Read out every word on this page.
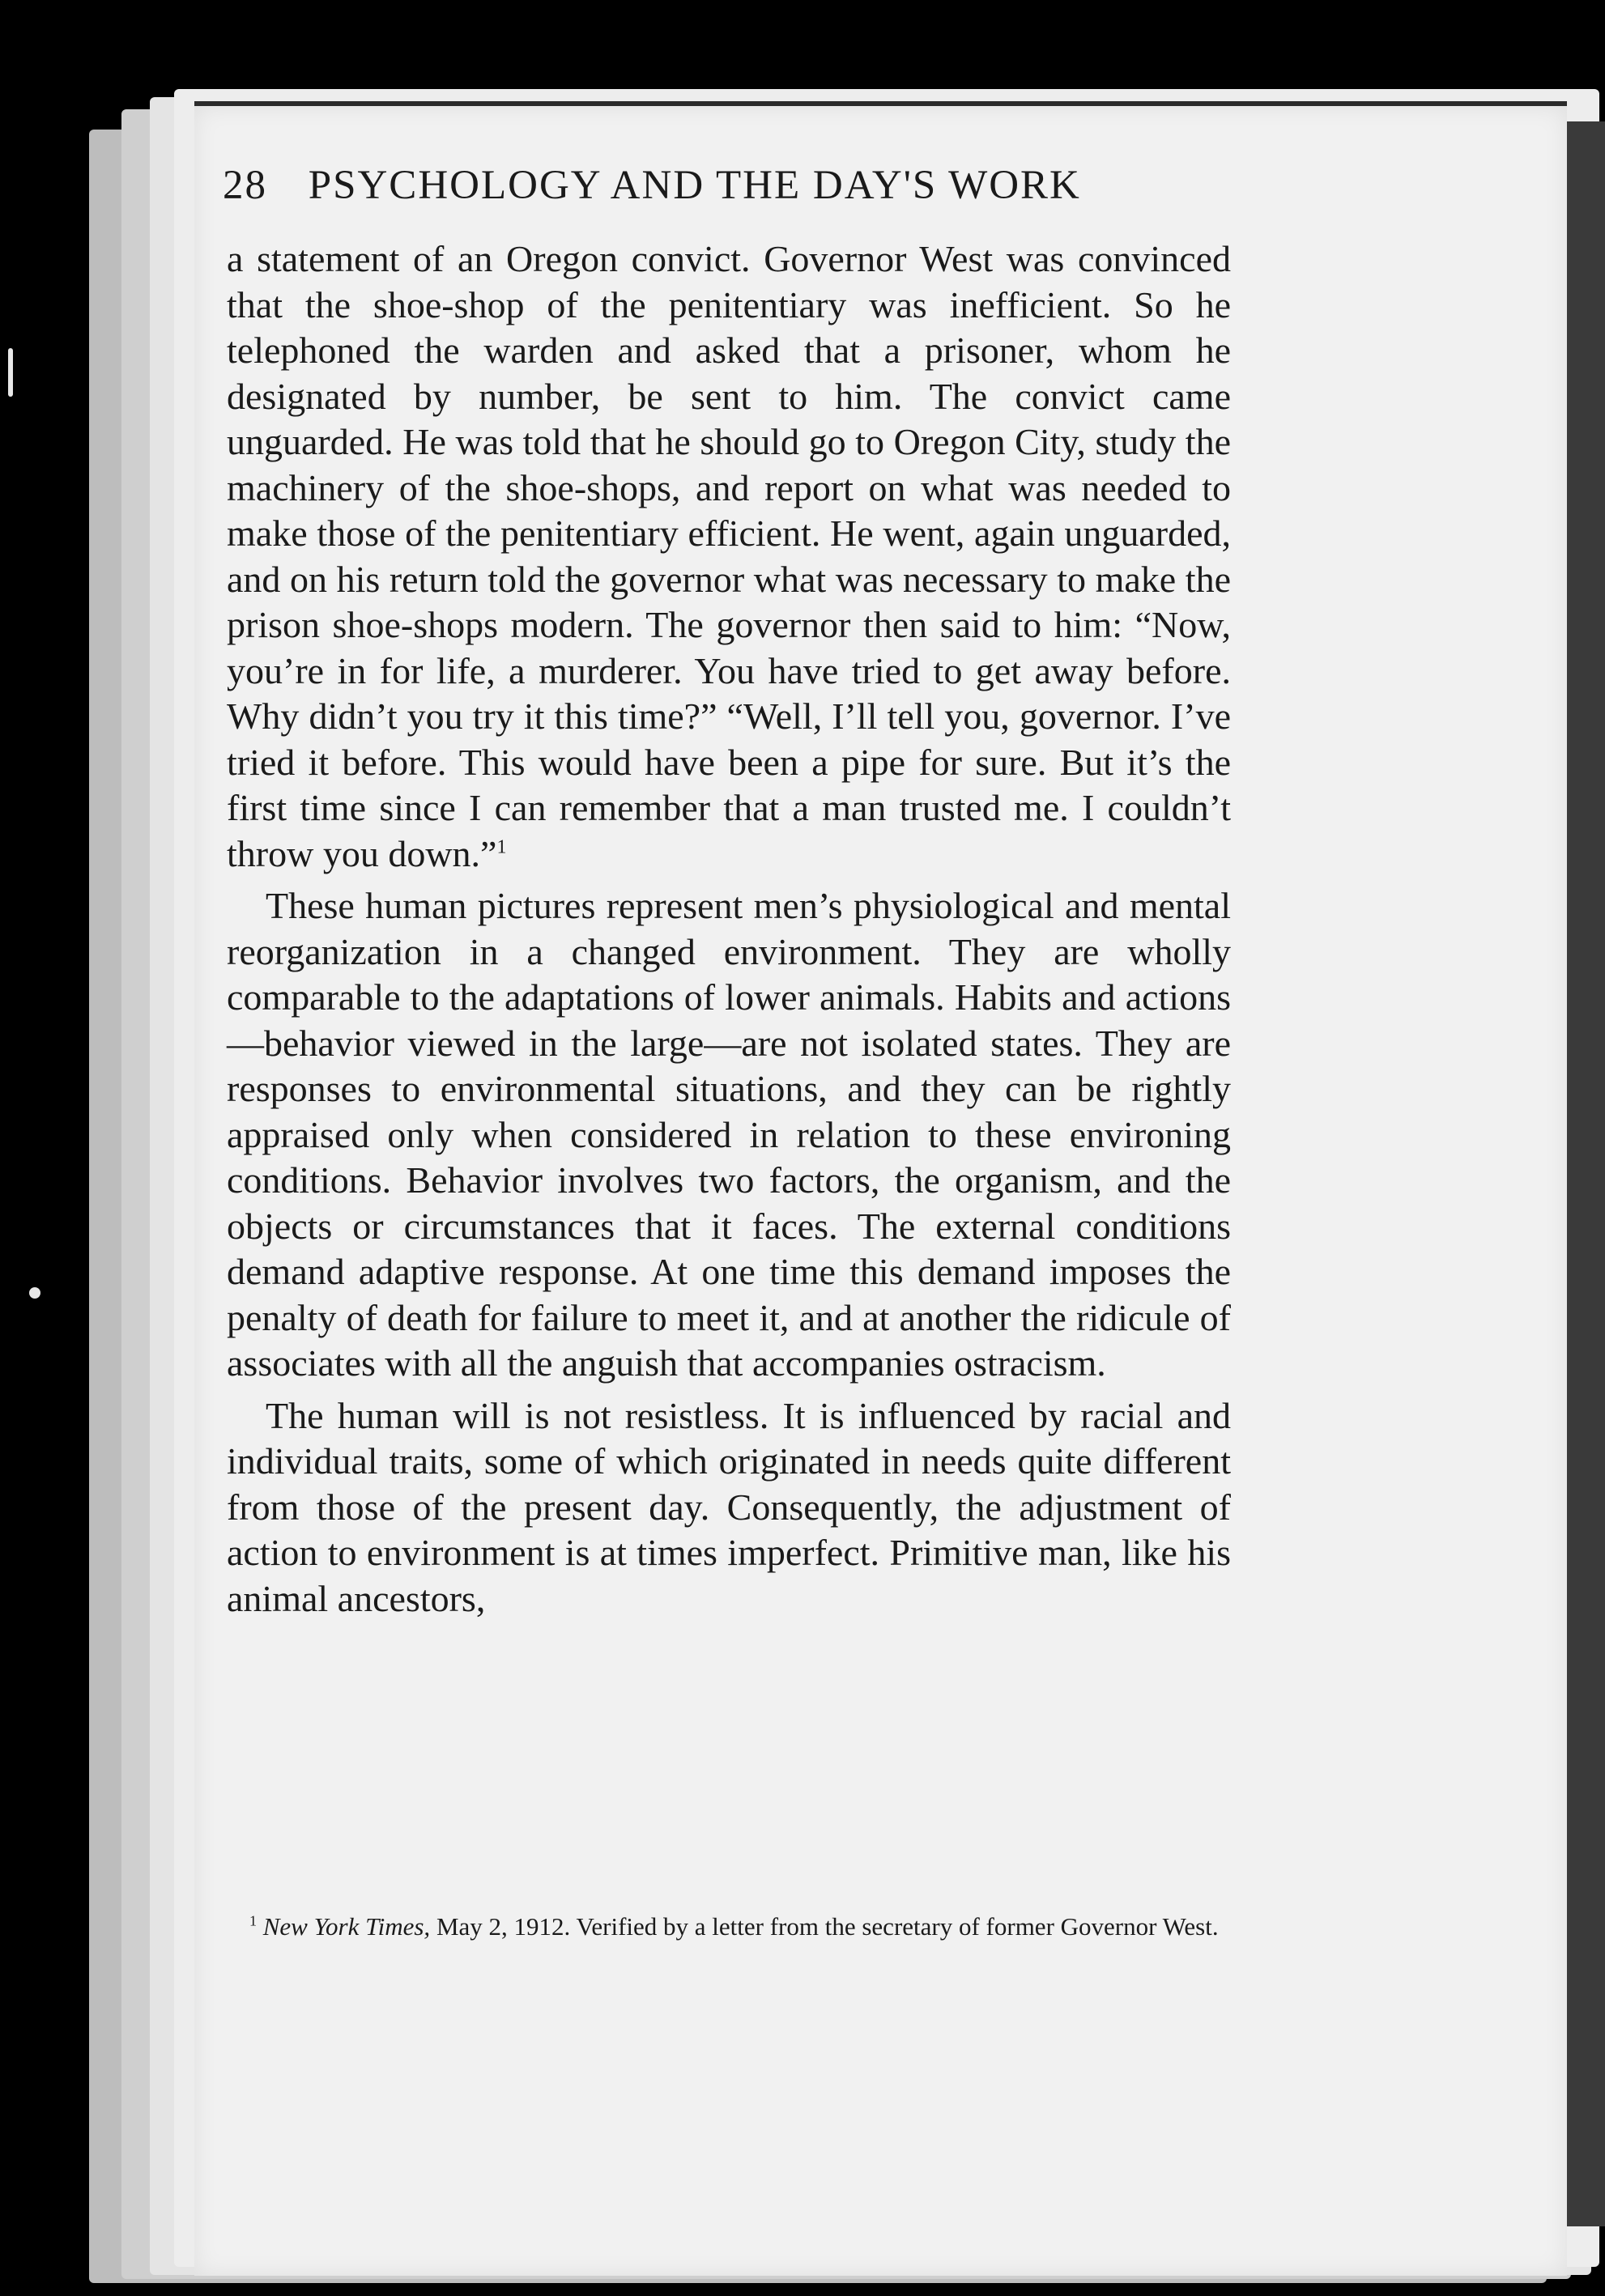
28 PSYCHOLOGY AND THE DAY'S WORK

a statement of an Oregon convict. Governor West was convinced that the shoe-shop of the penitentiary was inefficient. So he telephoned the warden and asked that a prisoner, whom he designated by number, be sent to him. The convict came unguarded. He was told that he should go to Oregon City, study the machinery of the shoe-shops, and report on what was needed to make those of the penitentiary efficient. He went, again unguarded, and on his return told the governor what was necessary to make the prison shoe-shops modern. The governor then said to him: “Now, you’re in for life, a murderer. You have tried to get away before. Why didn’t you try it this time?” “Well, I’ll tell you, governor. I’ve tried it before. This would have been a pipe for sure. But it’s the first time since I can remember that a man trusted me. I couldn’t throw you down.”$^1$

These human pictures represent men’s physiological and mental reorganization in a changed environment. They are wholly comparable to the adaptations of lower animals. Habits and actions—behavior viewed in the large—are not isolated states. They are responses to environmental situations, and they can be rightly appraised only when considered in relation to these environing conditions. Behavior involves two factors, the organism, and the objects or circumstances that it faces. The external conditions demand adaptive response. At one time this demand imposes the penalty of death for failure to meet it, and at another the ridicule of associates with all the anguish that accompanies ostracism.

The human will is not resistless. It is influenced by racial and individual traits, some of which originated in needs quite different from those of the present day. Consequently, the adjustment of action to environment is at times imperfect. Primitive man, like his animal ancestors,

$^1$ New York Times, May 2, 1912. Verified by a letter from the secretary of former Governor West.
